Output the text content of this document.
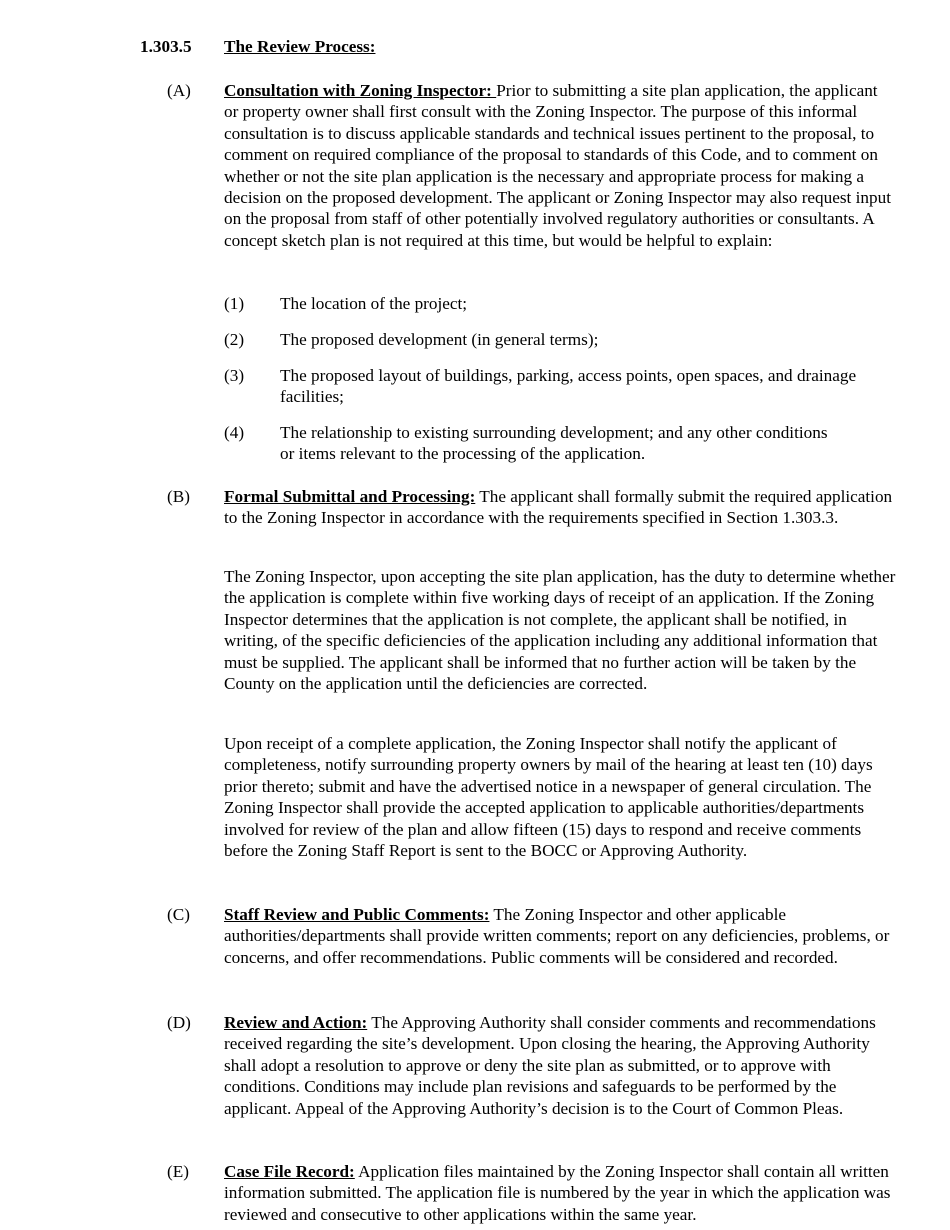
1.303.5 The Review Process:
(A) Consultation with Zoning Inspector: Prior to submitting a site plan application, the applicant or property owner shall first consult with the Zoning Inspector. The purpose of this informal consultation is to discuss applicable standards and technical issues pertinent to the proposal, to comment on required compliance of the proposal to standards of this Code, and to comment on whether or not the site plan application is the necessary and appropriate process for making a decision on the proposed development. The applicant or Zoning Inspector may also request input on the proposal from staff of other potentially involved regulatory authorities or consultants. A concept sketch plan is not required at this time, but would be helpful to explain:

(1) The location of the project;
(2) The proposed development (in general terms);
(3) The proposed layout of buildings, parking, access points, open spaces, and drainage facilities;
(4) The relationship to existing surrounding development; and any other conditions or items relevant to the processing of the application.
(B) Formal Submittal and Processing: The applicant shall formally submit the required application to the Zoning Inspector in accordance with the requirements specified in Section 1.303.3.

The Zoning Inspector, upon accepting the site plan application, has the duty to determine whether the application is complete within five working days of receipt of an application. If the Zoning Inspector determines that the application is not complete, the applicant shall be notified, in writing, of the specific deficiencies of the application including any additional information that must be supplied. The applicant shall be informed that no further action will be taken by the County on the application until the deficiencies are corrected.

Upon receipt of a complete application, the Zoning Inspector shall notify the applicant of completeness, notify surrounding property owners by mail of the hearing at least ten (10) days prior thereto; submit and have the advertised notice in a newspaper of general circulation. The Zoning Inspector shall provide the accepted application to applicable authorities/departments involved for review of the plan and allow fifteen (15) days to respond and receive comments before the Zoning Staff Report is sent to the BOCC or Approving Authority.

(C) Staff Review and Public Comments: The Zoning Inspector and other applicable authorities/departments shall provide written comments; report on any deficiencies, problems, or concerns, and offer recommendations. Public comments will be considered and recorded.

(D) Review and Action: The Approving Authority shall consider comments and recommendations received regarding the site’s development. Upon closing the hearing, the Approving Authority shall adopt a resolution to approve or deny the site plan as submitted, or to approve with conditions. Conditions may include plan revisions and safeguards to be performed by the applicant. Appeal of the Approving Authority’s decision is to the Court of Common Pleas.

(E) Case File Record: Application files maintained by the Zoning Inspector shall contain all written information submitted. The application file is numbered by the year in which the application was reviewed and consecutive to other applications within the same year.
